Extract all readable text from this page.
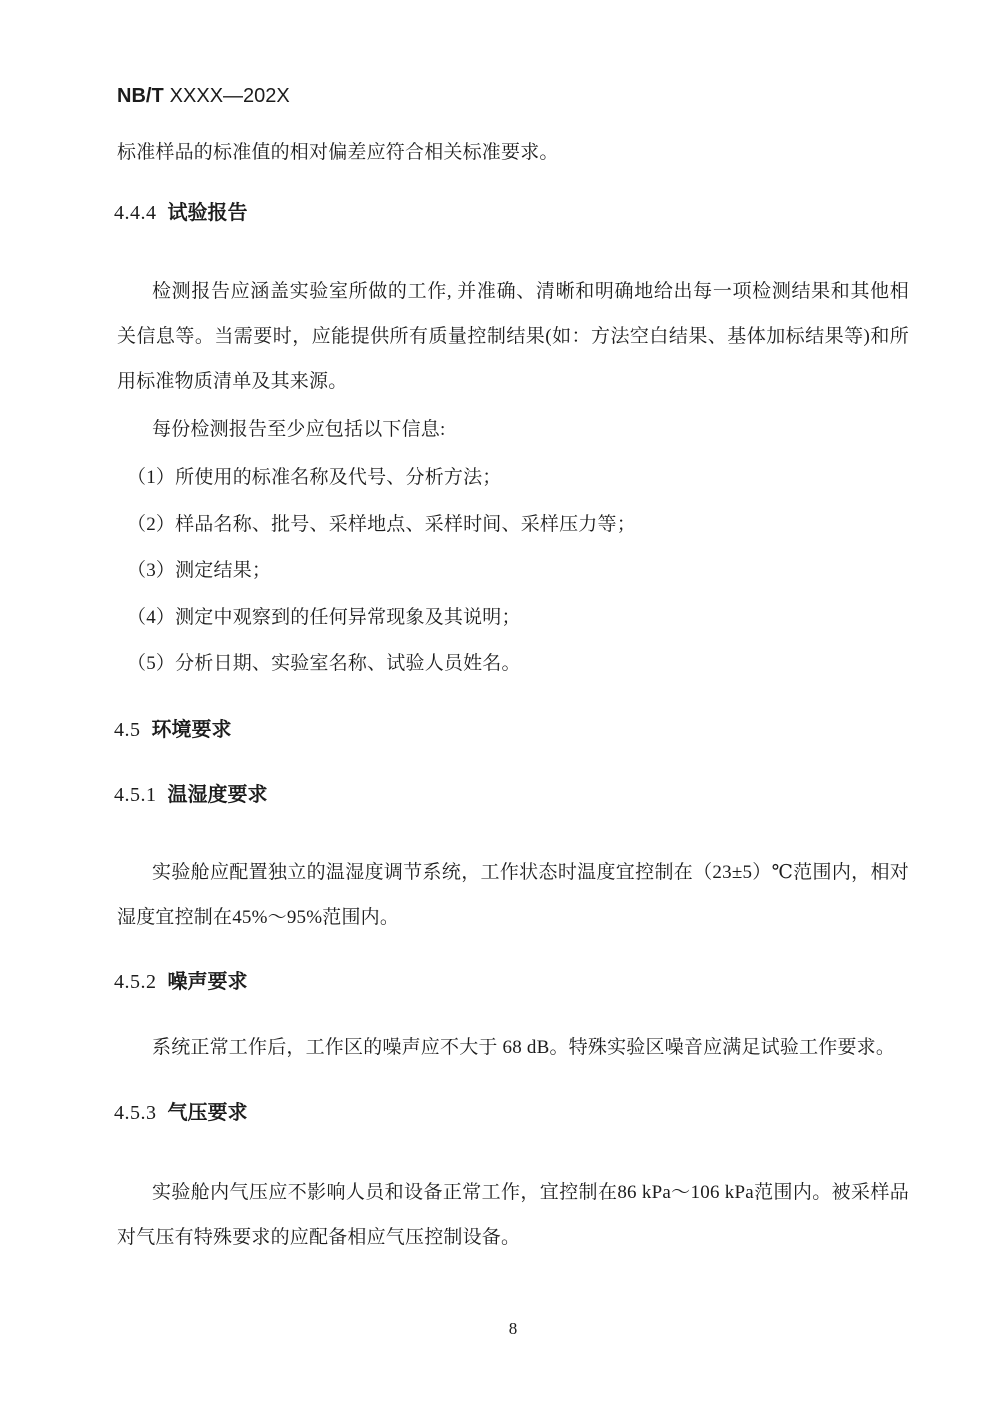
NB/T XXXX—202X
标准样品的标准值的相对偏差应符合相关标准要求。
4.4.4 试验报告
检测报告应涵盖实验室所做的工作, 并准确、清晰和明确地给出每一项检测结果和其他相关信息等。当需要时，应能提供所有质量控制结果(如：方法空白结果、基体加标结果等)和所用标准物质清单及其来源。
每份检测报告至少应包括以下信息:
（1）所使用的标准名称及代号、分析方法；
（2）样品名称、批号、采样地点、采样时间、采样压力等；
（3）测定结果；
（4）测定中观察到的任何异常现象及其说明；
（5）分析日期、实验室名称、试验人员姓名。
4.5 环境要求
4.5.1 温湿度要求
实验舱应配置独立的温湿度调节系统，工作状态时温度宜控制在（23±5）℃范围内，相对湿度宜控制在45%～95%范围内。
4.5.2 噪声要求
系统正常工作后，工作区的噪声应不大于 68 dB。特殊实验区噪音应满足试验工作要求。
4.5.3 气压要求
实验舱内气压应不影响人员和设备正常工作，宜控制在86 kPa～106 kPa范围内。被采样品对气压有特殊要求的应配备相应气压控制设备。
8
